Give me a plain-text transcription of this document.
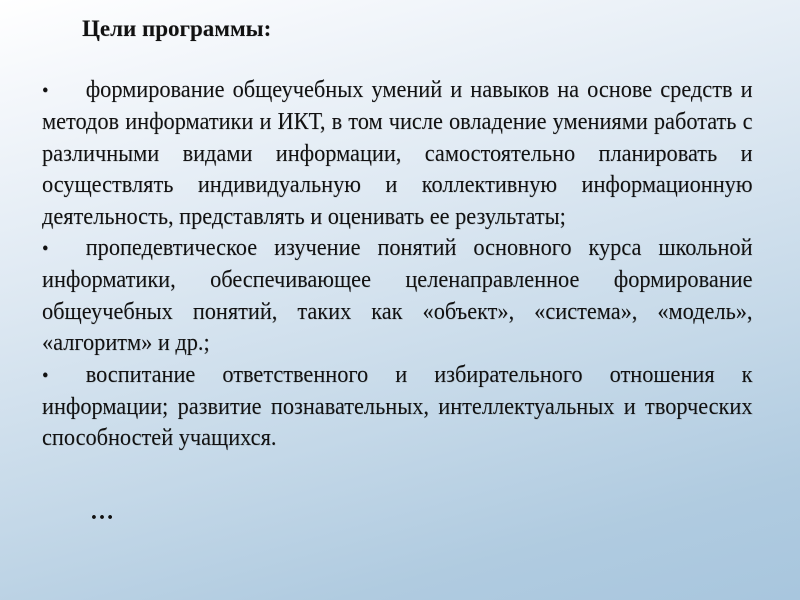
Цели программы:
• формирование общеучебных умений и навыков на основе средств и методов информатики и ИКТ, в том числе овладение умениями работать с различными видами информации, самостоятельно планировать и осуществлять индивидуальную и коллективную информационную деятельность, представлять и оценивать ее результаты;
• пропедевтическое изучение понятий основного курса школьной информатики, обеспечивающее целенаправленное формирование общеучебных понятий, таких как «объект», «система», «модель», «алгоритм» и др.;
• воспитание ответственного и избирательного отношения к информации; развитие познавательных, интеллектуальных и творческих способностей учащихся.
…
